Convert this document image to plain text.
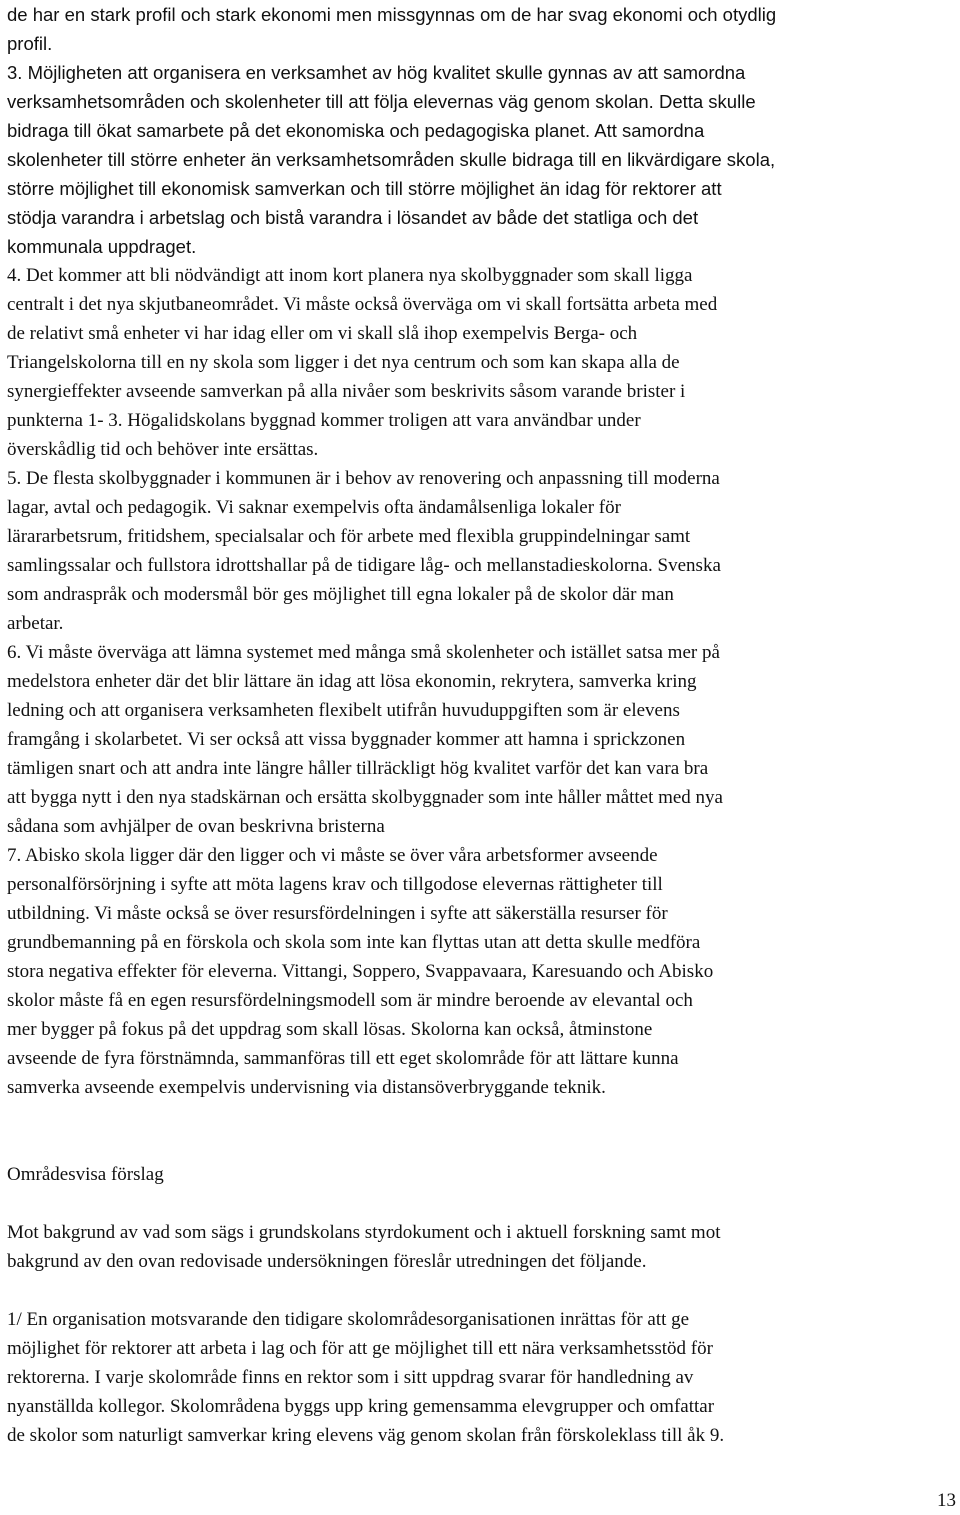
de har en stark profil och stark ekonomi men missgynnas om de har svag ekonomi och otydlig
profil.
3. Möjligheten att organisera en verksamhet av hög kvalitet skulle gynnas av att samordna
verksamhetsområden och skolenheter till att följa elevernas väg genom skolan. Detta skulle
bidraga till ökat samarbete på det ekonomiska och pedagogiska planet. Att samordna
skolenheter till större enheter än verksamhetsområden skulle bidraga till en likvärdigare skola,
större möjlighet till ekonomisk samverkan och till större möjlighet än idag för rektorer att
stödja varandra i arbetslag och bistå varandra i lösandet av både det statliga och det
kommunala uppdraget.
4. Det kommer att bli nödvändigt att inom kort planera nya skolbyggnader som skall ligga
centralt i det nya skjutbaneområdet. Vi måste också överväga om vi skall fortsätta arbeta med
de relativt små enheter vi har idag eller om vi skall slå ihop exempelvis Berga- och
Triangelskolorna till en ny skola som ligger i det nya centrum och som kan skapa alla de
synergieffekter avseende samverkan på alla nivåer som beskrivits såsom varande brister i
punkterna 1- 3. Högalidskolans byggnad kommer troligen att vara användbar under
överskådlig tid och behöver inte ersättas.
5. De flesta skolbyggnader i kommunen är i behov av renovering och anpassning till moderna
lagar, avtal och pedagogik. Vi saknar exempelvis ofta ändamålsenliga lokaler för
lärararbetsrum, fritidshem, specialsalar och för arbete med flexibla gruppindelningar samt
samlingssalar och fullstora idrottshallar på de tidigare låg- och mellanstadieskolorna. Svenska
som andraspråk och modersmål bör ges möjlighet till egna lokaler på de skolor där man
arbetar.
6. Vi måste överväga att lämna systemet med många små skolenheter och istället satsa mer på
medelstora enheter där det blir lättare än idag att lösa ekonomin, rekrytera, samverka kring
ledning och att organisera verksamheten flexibelt utifrån huvuduppgiften som är elevens
framgång i skolarbetet. Vi ser också att vissa byggnader kommer att hamna i sprickzonen
tämligen snart och att andra inte längre håller tillräckligt hög kvalitet varför det kan vara bra
att bygga nytt i den nya stadskärnan och ersätta skolbyggnader som inte håller måttet med nya
sådana som avhjälper de ovan beskrivna bristerna
7. Abisko skola ligger där den ligger och vi måste se över våra arbetsformer avseende
personalförsörjning i syfte att möta lagens krav och tillgodose elevernas rättigheter till
utbildning. Vi måste också se över resursfördelningen i syfte att säkerställa resurser för
grundbemanning på en förskola och skola som inte kan flyttas utan att detta skulle medföra
stora negativa effekter för eleverna. Vittangi, Soppero, Svappavaara, Karesuando och Abisko
skolor måste få en egen resursfördelningsmodell som är mindre beroende av elevantal och
mer bygger på fokus på det uppdrag som skall lösas. Skolorna kan också, åtminstone
avseende de fyra förstnämnda, sammanföras till ett eget skolområde för att lättare kunna
samverka avseende exempelvis undervisning via distansöverbryggande teknik.
Områdesvisa förslag
Mot bakgrund av vad som sägs i grundskolans styrdokument och i aktuell forskning samt mot
bakgrund av den ovan redovisade undersökningen föreslår utredningen det följande.
1/ En organisation motsvarande den tidigare skolområdesorganisationen inrättas för att ge
möjlighet för rektorer att arbeta i lag och för att ge möjlighet till ett nära verksamhetsstöd för
rektorerna. I varje skolområde finns en rektor som i sitt uppdrag svarar för handledning av
nyanställda kollegor. Skolområdena byggs upp kring gemensamma elevgrupper och omfattar
de skolor som naturligt samverkar kring elevens väg genom skolan från förskoleklass till åk 9.
13
